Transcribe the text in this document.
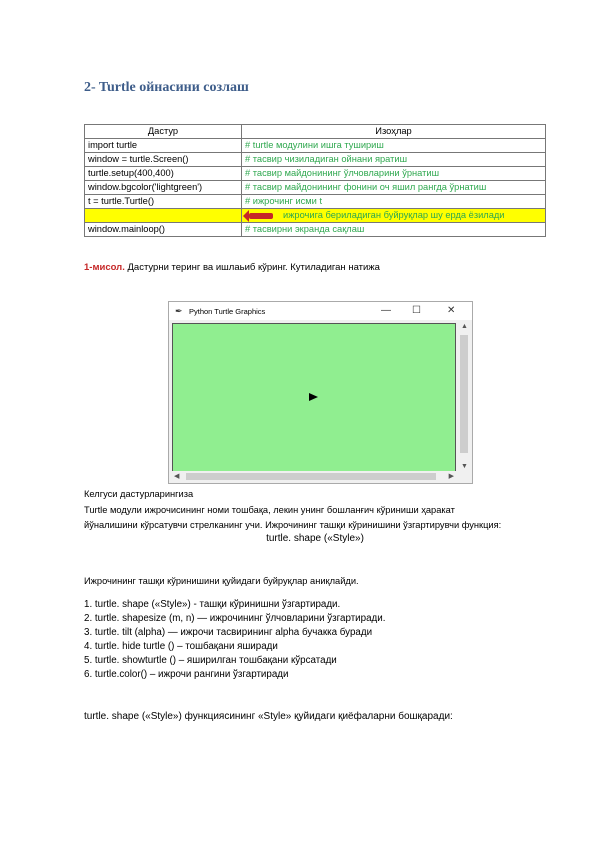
2- Turtle ойнасини созлаш
Дастур	Изоҳлар
import turtle	# turtle модулини ишга тушириш
window = turtle.Screen()	# тасвир чизиладиган ойнани яратиш
turtle.setup(400,400)	# тасвир майдонининг ўлчовларини ўрнатиш
window.bgcolor('lightgreen')	# тасвир майдонининг фонини оч яшил рангда ўрнатиш
t = turtle.Turtle()	# ижрочинг исми t
	ижрочига бериладиган буйруқлар шу ерда ёзилади
window.mainloop()	# тасвирни экранда сақлаш
1-мисол. Дастурни теринг ва ишлаьиб кўринг. Кутиладиган натижа
✒ Python Turtle Graphics	— ☐	✕
▲
▼
◀	▶
Келгуси дастурларингиза
Turtle модули ижрочисининг номи тошбақа, лекин унинг бошланғич кўриниши ҳаракат
йўналишини кўрсатувчи стрелканинг учи. Ижрочининг ташқи кўринишини ўзгартирувчи функция:
turtle. shape («Style»)
Ижрочининг ташқи кўринишини қуйидаги буйруқлар аниқлайди.
1. turtle. shape («Style») - ташқи кўринишни ўзгартиради.
2. turtle. shapesize (m, n) — ижрочининг ўлчовларини ўзгартиради.
3. turtle. tilt (alpha) — ижрочи тасвирининг alpha бучакка буради
4. turtle. hide turtle () – тошбақани яширади
5. turtle. showturtle () – яширилган тошбақани кўрсатади
6. turtle.color() – ижрочи рангини ўзгартиради
turtle. shape («Style») функциясининг «Style» қуйидаги қиёфаларни бошқаради:
